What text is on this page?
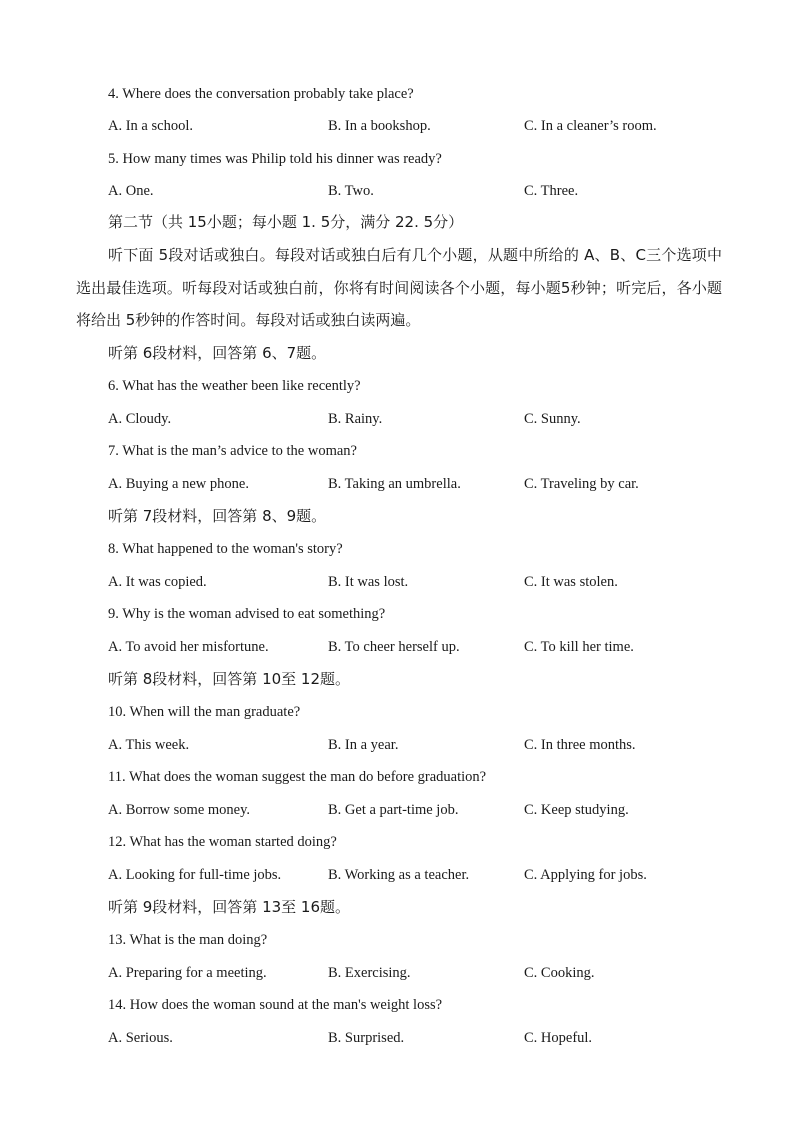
4. Where does the conversation probably take place?
A. In a school.	B. In a bookshop.	C. In a cleaner’s room.
5. How many times was Philip told his dinner was ready?
A. One.	B. Two.	C. Three.
第二节（共 15小题；每小题 1. 5分，满分 22. 5分）

听下面 5段对话或独白。每段对话或独白后有几个小题，从题中所给的 A、B、C三个选项中选出最佳选项。听每段对话或独白前，你将有时间阅读各个小题，每小题5秒钟；听完后，各小题将给出 5秒钟的作答时间。每段对话或独白读两遍。

听第 6段材料，回答第 6、7题。
6. What has the weather been like recently?
A. Cloudy.	B. Rainy.	C. Sunny.
7. What is the man’s advice to the woman?
A. Buying a new phone.	B. Taking an umbrella.	C. Traveling by car.
听第 7段材料，回答第 8、9题。
8. What happened to the woman's story?
A. It was copied.	B. It was lost.	C. It was stolen.
9. Why is the woman advised to eat something?
A. To avoid her misfortune.	B. To cheer herself up.	C. To kill her time.
听第 8段材料，回答第 10至 12题。
10. When will the man graduate?
A. This week.	B. In a year.	C. In three months.
11. What does the woman suggest the man do before graduation?
A. Borrow some money.	B. Get a part-time job.	C. Keep studying.
12. What has the woman started doing?
A. Looking for full-time jobs.	B. Working as a teacher.	C. Applying for jobs.
听第 9段材料，回答第 13至 16题。
13. What is the man doing?
A. Preparing for a meeting.	B. Exercising.	C. Cooking.
14. How does the woman sound at the man's weight loss?
A. Serious.	B. Surprised.	C. Hopeful.
